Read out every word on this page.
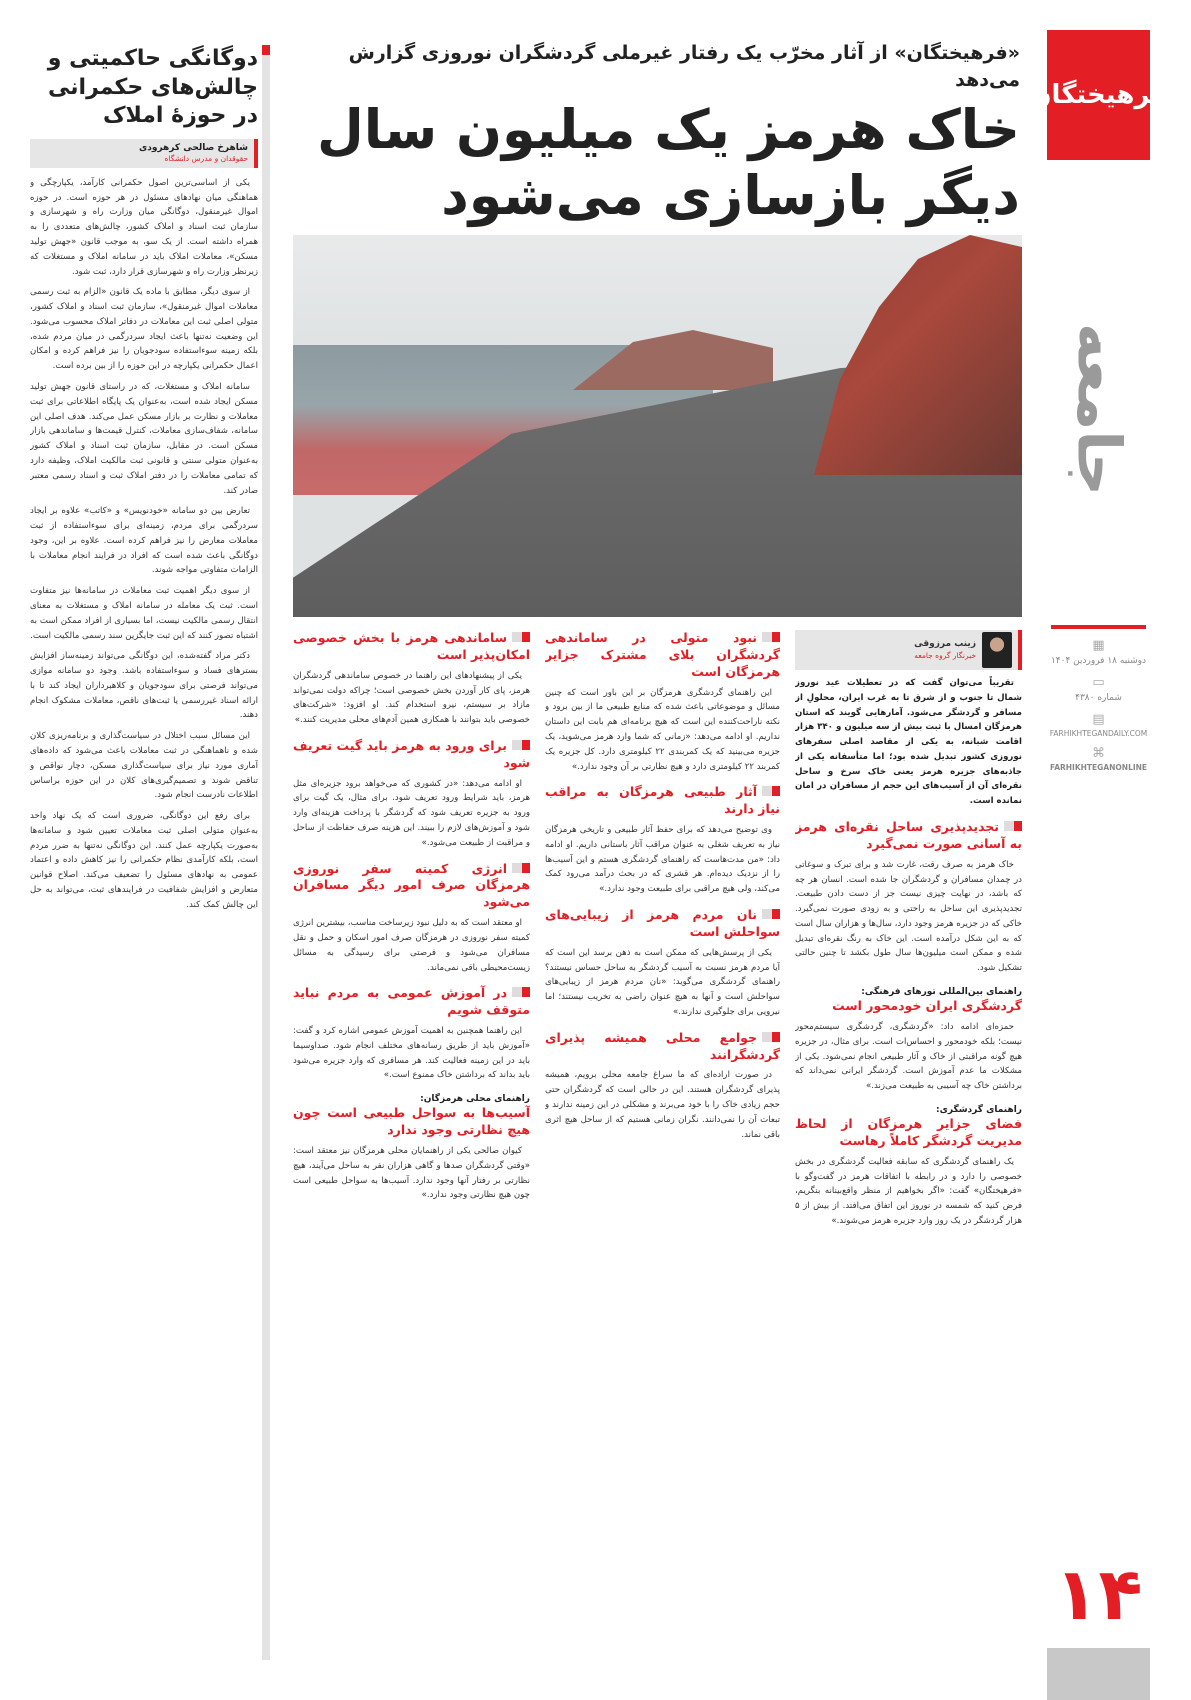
فرهیختگان
جامعه
▦
دوشنبه ۱۸ فروردین ۱۴۰۴
▭
شماره ۴۳۸۰
▤
FARHIKHTEGANDAILY.COM
⌘
FARHIKHTEGANONLINE
۱۴
«فرهیختگان» از آثار مخرّب یک رفتار غیرملی گردشگران نوروزی گزارش می‌دهد
خاک هرمز یک میلیون سال دیگر بازسازی می‌شود
زینب مرزوقی
خبرنگار گروه جامعه

تقریباً می‌توان گفت که در تعطیلات عید نوروز شمال تا جنوب و از شرق تا به غرب ایران، محلولِ از مسافر و گردشگر می‌شود. آمارهایی گویند که استان هرمزگان امسال با ثبت بیش از سه میلیون و ۳۴۰ هزار اقامت شبانه، به یکی از مقاصد اصلی سفرهای نوروزی کشور تبدیل شده بود؛ اما متأسفانه یکی از جاذبه‌های جزیره هرمز یعنی خاک سرخ و ساحل نقره‌ای آن از آسیب‌های این حجم از مسافران در امان نمانده است.

تجدیدپذیری ساحل نقره‌ای هرمز به آسانی صورت نمی‌گیرد

خاک هرمز به صرف رقت، غارت شد و برای تبرک و سوغاتی در چمدان مسافران و گردشگران جا شده است. انسان هر چه که باشد، در نهایت چیزی نیست جز از دست دادن طبیعت. تجدیدپذیری این ساحل به راحتی و به زودی صورت نمی‌گیرد. خاکی که در جزیره هرمز وجود دارد، سال‌ها و هزاران سال است که به این شکل درآمده است. این خاک به رنگ نقره‌ای تبدیل شده و ممکن است میلیون‌ها سال طول بکشد تا چنین حالتی تشکیل شود.

راهنمای بین‌المللی تورهای فرهنگی:
گردشگری ایران خودمحور است

حمزه‌ای ادامه داد: «گردشگری، گردشگری سیستم‌محور نیست؛ بلکه خودمحور و احساس‌ات است. برای مثال، در جزیره هیچ گونه مراقبتی از خاک و آثار طبیعی انجام نمی‌شود. یکی از مشکلات ما عدم آموزش است. گردشگر ایرانی نمی‌داند که برداشتن خاک چه آسیبی به طبیعت می‌زند.»

راهنمای گردشگری:
فضای جزایر هرمزگان از لحاظ مدیریت گردشگر کاملاً رهاست

یک راهنمای گردشگری که سابقه فعالیت گردشگری در بخش خصوصی را دارد و در رابطه با اتفاقات هرمز در گفت‌وگو با «فرهیختگان» گفت: «اگر بخواهیم از منظر واقع‌بینانه بنگریم، فرض کنید که شمسه در نوروز این اتفاق می‌افتد. از بیش از ۵ هزار گردشگر در یک روز وارد جزیره هرمز می‌شوند.»

نبود متولی در ساماندهی گردشگران بلای مشترک جزایر هرمزگان است

این راهنمای گردشگری هرمزگان بر این باور است که چنین مسائل و موضوعاتی باعث شده که منابع طبیعی ما از بین برود و نکته ناراحت‌کننده این است که هیچ برنامه‌ای هم بابت این داستان نداریم. او ادامه می‌دهد: «زمانی که شما وارد هرمز می‌شوید، یک جزیره می‌بینید که یک کمربندی ۲۲ کیلومتری دارد. کل جزیره یک کمربند ۲۲ کیلومتری دارد و هیچ نظارتی بر آن وجود ندارد.»

آثار طبیعی هرمزگان به مراقب نیاز دارند

وی توضیح می‌دهد که برای حفظ آثار طبیعی و تاریخی هرمزگان نیاز به تعریف شغلی به عنوان مراقب آثار باستانی داریم. او ادامه داد: «من مدت‌هاست که راهنمای گردشگری هستم و این آسیب‌ها را از نزدیک دیده‌ام. هر قشری که در بحث درآمد می‌رود کمک می‌کند، ولی هیچ مراقبی برای طبیعت وجود ندارد.»

نان مردم هرمز از زیبایی‌های سواحلش است

یکی از پرسش‌هایی که ممکن است به ذهن برسد این است که آیا مردم هرمز نسبت به آسیب گردشگر به ساحل حساس نیستند؟ راهنمای گردشگری می‌گوید: «نان مردم هرمز از زیبایی‌های سواحلش است و آنها به هیچ عنوان راضی به تخریب نیستند؛ اما نیرویی برای جلوگیری ندارند.»

جوامع محلی همیشه پذیرای گردشگرانند

در صورت اراده‌ای که ما سراغ جامعه محلی برویم، همیشه پذیرای گردشگران هستند. این در حالی است که گردشگران حتی حجم زیادی خاک را با خود می‌برند و مشکلی در این زمینه ندارند و تبعات آن را نمی‌دانند. نگران زمانی هستیم که از ساحل هیچ اثری باقی نماند.

ساماندهی هرمز با بخش خصوصی امکان‌پذیر است

یکی از پیشنهادهای این راهنما در خصوص ساماندهی گردشگران هرمز، پای کار آوردن بخش خصوصی است؛ چراکه دولت نمی‌تواند مازاد بر سیستم، نیرو استخدام کند. او افزود: «شرکت‌های خصوصی باید بتوانند با همکاری همین آدم‌های محلی مدیریت کنند.»

برای ورود به هرمز باید گیت تعریف شود

او ادامه می‌دهد: «در کشوری که می‌خواهد برود جزیره‌ای مثل هرمز، باید شرایط ورود تعریف شود. برای مثال، یک گیت برای ورود به جزیره تعریف شود که گردشگر با پرداخت هزینه‌ای وارد شود و آموزش‌های لازم را ببیند. این هزینه صرف حفاظت از ساحل و مراقبت از طبیعت می‌شود.»

انرژی کمیته سفر نوروزی هرمزگان صرف امور دیگر مسافران می‌شود

او معتقد است که به دلیل نبود زیرساخت مناسب، بیشترین انرژی کمیته سفر نوروزی در هرمزگان صرف امور اسکان و حمل و نقل مسافران می‌شود و فرصتی برای رسیدگی به مسائل زیست‌محیطی باقی نمی‌ماند.

در آموزش عمومی به مردم نباید متوقف شویم

این راهنما همچنین به اهمیت آموزش عمومی اشاره کرد و گفت: «آموزش باید از طریق رسانه‌های مختلف انجام شود. صداوسیما باید در این زمینه فعالیت کند. هر مسافری که وارد جزیره می‌شود باید بداند که برداشتن خاک ممنوع است.»

راهنمای محلی هرمزگان:
آسیب‌ها به سواحل طبیعی است چون هیچ نظارتی وجود ندارد

کیوان صالحی یکی از راهنمایان محلی هرمزگان نیز معتقد است: «وقتی گردشگران صدها و گاهی هزاران نفر به ساحل می‌آیند، هیچ نظارتی بر رفتار آنها وجود ندارد. آسیب‌ها به سواحل طبیعی است چون هیچ نظارتی وجود ندارد.»

دوگانگی حاکمیتی و چالش‌های حکمرانی در حوزهٔ املاک
شاهرخ صالحی کرهرودی
حقوقدان و مدرس دانشگاه

یکی از اساسی‌ترین اصول حکمرانی کارآمد، یکپارچگی و هماهنگی میان نهادهای مسئول در هر حوزه است. در حوزه اموال غیرمنقول، دوگانگی میان وزارت راه و شهرسازی و سازمان ثبت اسناد و املاک کشور، چالش‌های متعددی را به همراه داشته است. از یک سو، به موجب قانون «جهش تولید مسکن»، معاملات املاک باید در سامانه املاک و مستغلات که زیرنظر وزارت راه و شهرسازی قرار دارد، ثبت شود.

از سوی دیگر، مطابق با ماده یک قانون «الزام به ثبت رسمی معاملات اموال غیرمنقول»، سازمان ثبت اسناد و املاک کشور، متولی اصلی ثبت این معاملات در دفاتر املاک محسوب می‌شود. این وضعیت نه‌تنها باعث ایجاد سردرگمی در میان مردم شده، بلکه زمینه سوءاستفاده سودجویان را نیز فراهم کرده و امکان اعمال حکمرانی یکپارچه در این حوزه را از بین برده است.

سامانه املاک و مستغلات، که در راستای قانون جهش تولید مسکن ایجاد شده است، به‌عنوان یک پایگاه اطلاعاتی برای ثبت معاملات و نظارت بر بازار مسکن عمل می‌کند. هدف اصلی این سامانه، شفاف‌سازی معاملات، کنترل قیمت‌ها و ساماندهی بازار مسکن است. در مقابل، سازمان ثبت اسناد و املاک کشور به‌عنوان متولی سنتی و قانونی ثبت مالکیت املاک، وظیفه دارد که تمامی معاملات را در دفتر املاک ثبت و اسناد رسمی معتبر صادر کند.

تعارض بین دو سامانه «خودنویس» و «کاتب» علاوه بر ایجاد سردرگمی برای مردم، زمینه‌ای برای سوءاستفاده از ثبت معاملات معارض را نیز فراهم کرده است. علاوه بر این، وجود دوگانگی باعث شده است که افراد در فرایند انجام معاملات با الزامات متفاوتی مواجه شوند.

از سوی دیگر اهمیت ثبت معاملات در سامانه‌ها نیز متفاوت است. ثبت یک معامله در سامانه املاک و مستغلات به معنای انتقال رسمی مالکیت نیست، اما بسیاری از افراد ممکن است به اشتباه تصور کنند که این ثبت جایگزین سند رسمی مالکیت است.

دکتر مراد گفته‌شده، این دوگانگی می‌تواند زمینه‌ساز افزایش بسترهای فساد و سوءاستفاده باشد. وجود دو سامانه موازی می‌تواند فرصتی برای سودجویان و کلاهبرداران ایجاد کند تا با ارائه اسناد غیررسمی یا ثبت‌های ناقص، معاملات مشکوک انجام دهند.

این مسائل سبب اختلال در سیاست‌گذاری و برنامه‌ریزی کلان شده و ناهماهنگی در ثبت معاملات باعث می‌شود که داده‌های آماری مورد نیاز برای سیاست‌گذاری مسکن، دچار نواقص و تناقض شوند و تصمیم‌گیری‌های کلان در این حوزه براساس اطلاعات نادرست انجام شود.

برای رفع این دوگانگی، ضروری است که یک نهاد واحد به‌عنوان متولی اصلی ثبت معاملات تعیین شود و سامانه‌ها به‌صورت یکپارچه عمل کنند. این دوگانگی نه‌تنها به ضرر مردم است، بلکه کارآمدی نظام حکمرانی را نیز کاهش داده و اعتماد عمومی به نهادهای مسئول را تضعیف می‌کند. اصلاح قوانین متعارض و افزایش شفافیت در فرایندهای ثبت، می‌تواند به حل این چالش کمک کند.
